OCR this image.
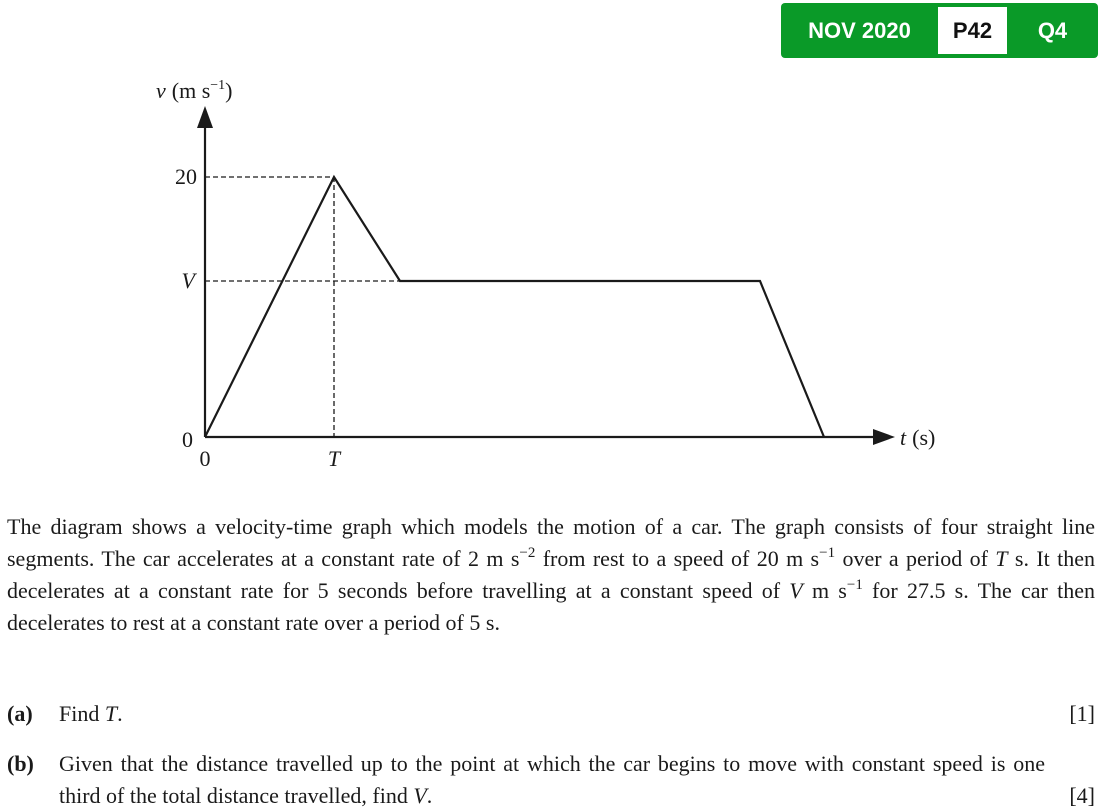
NOV 2020	P42	Q4
v (m $s^{-1}$)
20
V
0
0	T
t (s)

The diagram shows a velocity-time graph which models the motion of a car. The graph consists of four straight line segments. The car accelerates at a constant rate of 2 m $s^{-2}$ from rest to a speed of 20 m $s^{-1}$ over a period of T s. It then decelerates at a constant rate for 5 seconds before travelling at a constant speed of V m $s^{-1}$ for 27.5 s. The car then decelerates to rest at a constant rate over a period of 5 s.

(a) Find T.	[1]
(b) Given that the distance travelled up to the point at which the car begins to move with constant speed is one third of the total distance travelled, find V.	[4]
